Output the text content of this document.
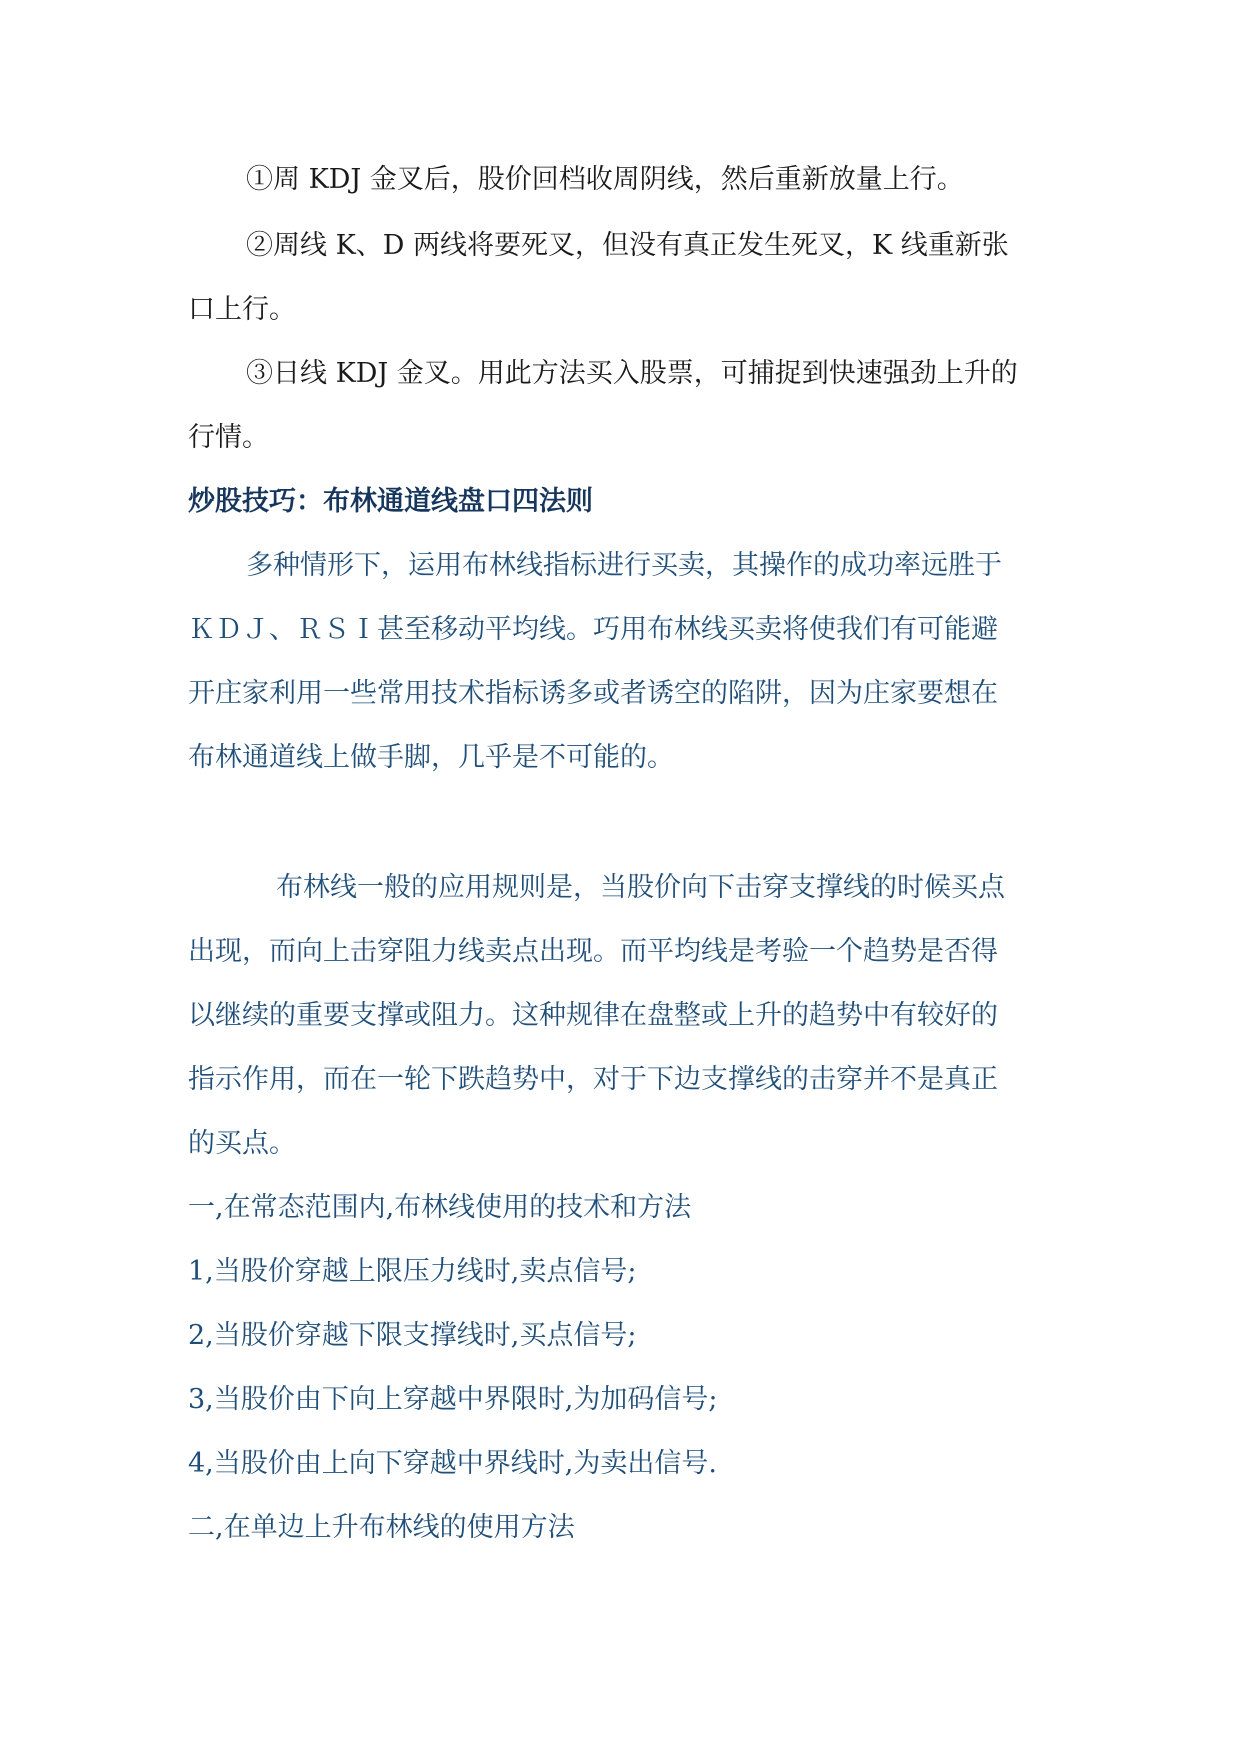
①周 KDJ 金叉后，股价回档收周阴线，然后重新放量上行。

②周线 K、D 两线将要死叉，但没有真正发生死叉，K 线重新张

口上行。

③日线 KDJ 金叉。用此方法买入股票，可捕捉到快速强劲上升的

行情。

炒股技巧：布林通道线盘口四法则

多种情形下，运用布林线指标进行买卖，其操作的成功率远胜于

ＫＤＪ、ＲＳＩ甚至移动平均线。巧用布林线买卖将使我们有可能避

开庄家利用一些常用技术指标诱多或者诱空的陷阱，因为庄家要想在

布林通道线上做手脚，几乎是不可能的。

布林线一般的应用规则是，当股价向下击穿支撑线的时候买点

出现，而向上击穿阻力线卖点出现。而平均线是考验一个趋势是否得

以继续的重要支撑或阻力。这种规律在盘整或上升的趋势中有较好的

指示作用，而在一轮下跌趋势中，对于下边支撑线的击穿并不是真正

的买点。

一,在常态范围内,布林线使用的技术和方法

1,当股价穿越上限压力线时,卖点信号;

2,当股价穿越下限支撑线时,买点信号;

3,当股价由下向上穿越中界限时,为加码信号;

4,当股价由上向下穿越中界线时,为卖出信号.

二,在单边上升布林线的使用方法
